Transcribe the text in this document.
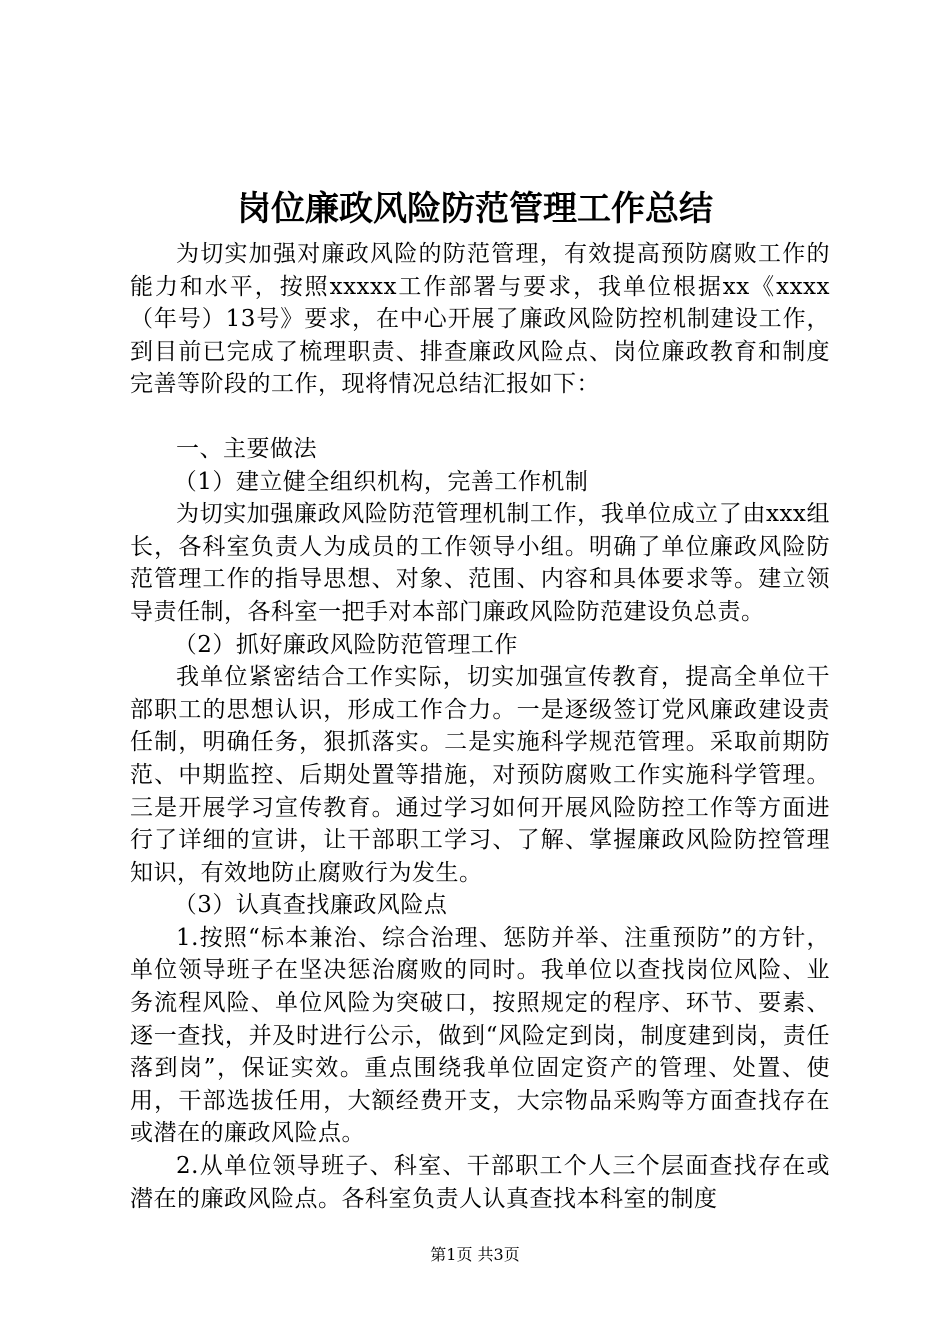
岗位廉政风险防范管理工作总结

为切实加强对廉政风险的防范管理，有效提高预防腐败工作的能力和水平，按照xxxxx工作部署与要求，我单位根据xx《xxxx（年号）13号》要求，在中心开展了廉政风险防控机制建设工作，到目前已完成了梳理职责、排查廉政风险点、岗位廉政教育和制度完善等阶段的工作，现将情况总结汇报如下：

一、主要做法

（1）建立健全组织机构，完善工作机制

为切实加强廉政风险防范管理机制工作，我单位成立了由xxx组长，各科室负责人为成员的工作领导小组。明确了单位廉政风险防范管理工作的指导思想、对象、范围、内容和具体要求等。建立领导责任制，各科室一把手对本部门廉政风险防范建设负总责。

（2）抓好廉政风险防范管理工作

我单位紧密结合工作实际，切实加强宣传教育，提高全单位干部职工的思想认识，形成工作合力。一是逐级签订党风廉政建设责任制，明确任务，狠抓落实。二是实施科学规范管理。采取前期防范、中期监控、后期处置等措施，对预防腐败工作实施科学管理。三是开展学习宣传教育。通过学习如何开展风险防控工作等方面进行了详细的宣讲，让干部职工学习、了解、掌握廉政风险防控管理知识，有效地防止腐败行为发生。

（3）认真查找廉政风险点

1.按照“标本兼治、综合治理、惩防并举、注重预防”的方针，单位领导班子在坚决惩治腐败的同时。我单位以查找岗位风险、业务流程风险、单位风险为突破口，按照规定的程序、环节、要素、逐一查找，并及时进行公示，做到“风险定到岗，制度建到岗，责任落到岗”，保证实效。重点围绕我单位固定资产的管理、处置、使用，干部选拔任用，大额经费开支，大宗物品采购等方面查找存在或潜在的廉政风险点。

2.从单位领导班子、科室、干部职工个人三个层面查找存在或潜在的廉政风险点。各科室负责人认真查找本科室的制度

第1页 共3页
